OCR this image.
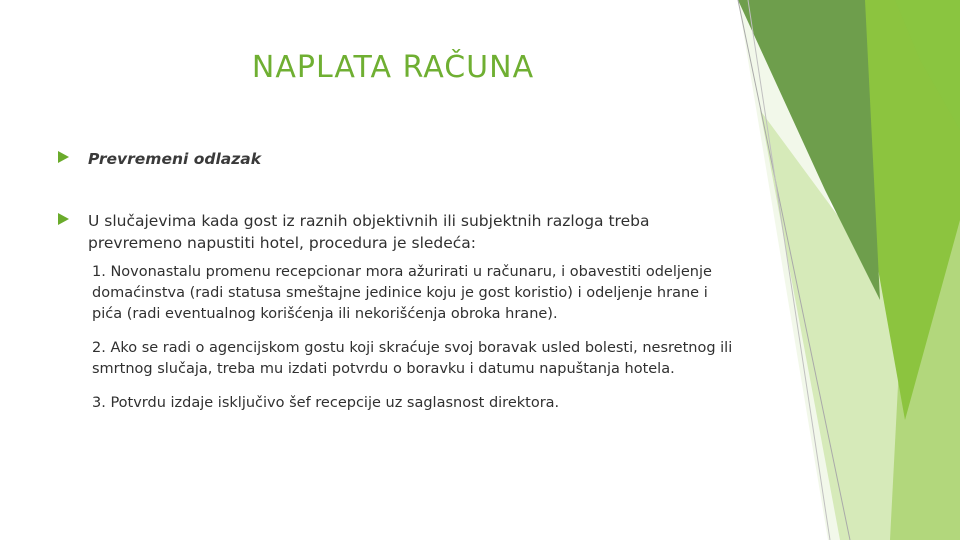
NAPLATA RAČUNA
Prevremeni odlazak
U slučajevima kada gost iz raznih objektivnih ili subjektnih razloga treba prevremeno napustiti hotel, procedura je sledeća:
1. Novonastalu promenu recepcionar mora ažurirati u računaru, i obavestiti odeljenje domaćinstva (radi statusa smeštajne jedinice koju je gost koristio) i odeljenje hrane i pića (radi eventualnog korišćenja ili nekorišćenja obroka hrane).
2. Ako se radi o agencijskom gostu koji skraćuje svoj boravak usled bolesti, nesretnog ili smrtnog slučaja, treba mu izdati potvrdu o boravku i datumu napuštanja hotela.
3. Potvrdu izdaje isključivo šef recepcije uz saglasnost direktora.
